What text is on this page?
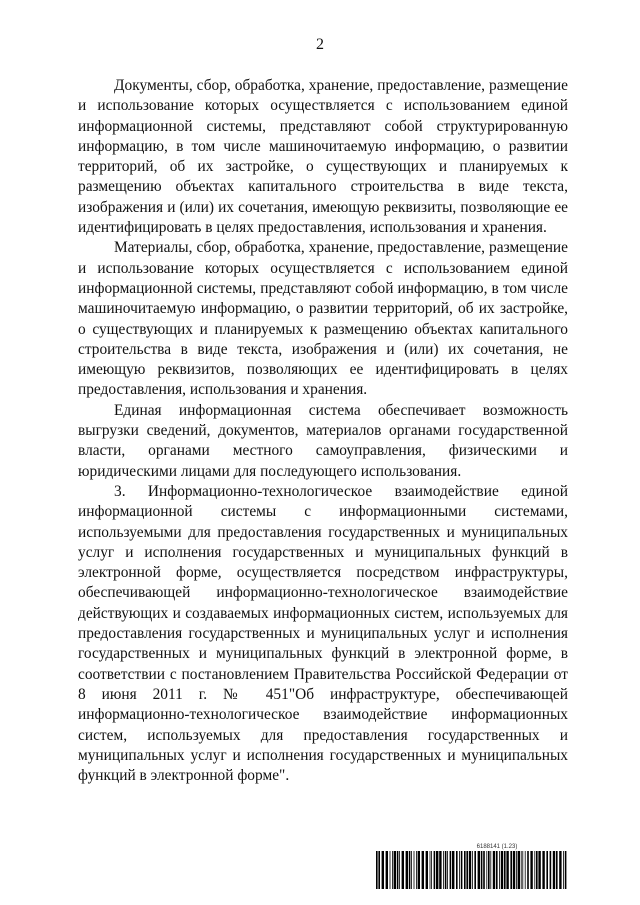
2

Документы, сбор, обработка, хранение, предоставление, размещение и использование которых осуществляется с использованием единой информационной системы, представляют собой структурированную информацию, в том числе машиночитаемую информацию, о развитии территорий, об их застройке, о существующих и планируемых к размещению объектах капитального строительства в виде текста, изображения и (или) их сочетания, имеющую реквизиты, позволяющие ее идентифицировать в целях предоставления, использования и хранения.

Материалы, сбор, обработка, хранение, предоставление, размещение и использование которых осуществляется с использованием единой информационной системы, представляют собой информацию, в том числе машиночитаемую информацию, о развитии территорий, об их застройке, о существующих и планируемых к размещению объектах капитального строительства в виде текста, изображения и (или) их сочетания, не имеющую реквизитов, позволяющих ее идентифицировать в целях предоставления, использования и хранения.

Единая информационная система обеспечивает возможность выгрузки сведений, документов, материалов органами государственной власти, органами местного самоуправления, физическими и юридическими лицами для последующего использования.

3. Информационно-технологическое взаимодействие единой информационной системы с информационными системами, используемыми для предоставления государственных и муниципальных услуг и исполнения государственных и муниципальных функций в электронной форме, осуществляется посредством инфраструктуры, обеспечивающей информационно-технологическое взаимодействие действующих и создаваемых информационных систем, используемых для предоставления государственных и муниципальных услуг и исполнения государственных и муниципальных функций в электронной форме, в соответствии с постановлением Правительства Российской Федерации от 8 июня 2011 г. № 451"Об инфраструктуре, обеспечивающей информационно-технологическое взаимодействие информационных систем, используемых для предоставления государственных и муниципальных услуг и исполнения государственных и муниципальных функций в электронной форме".

6188141 (1.23)
